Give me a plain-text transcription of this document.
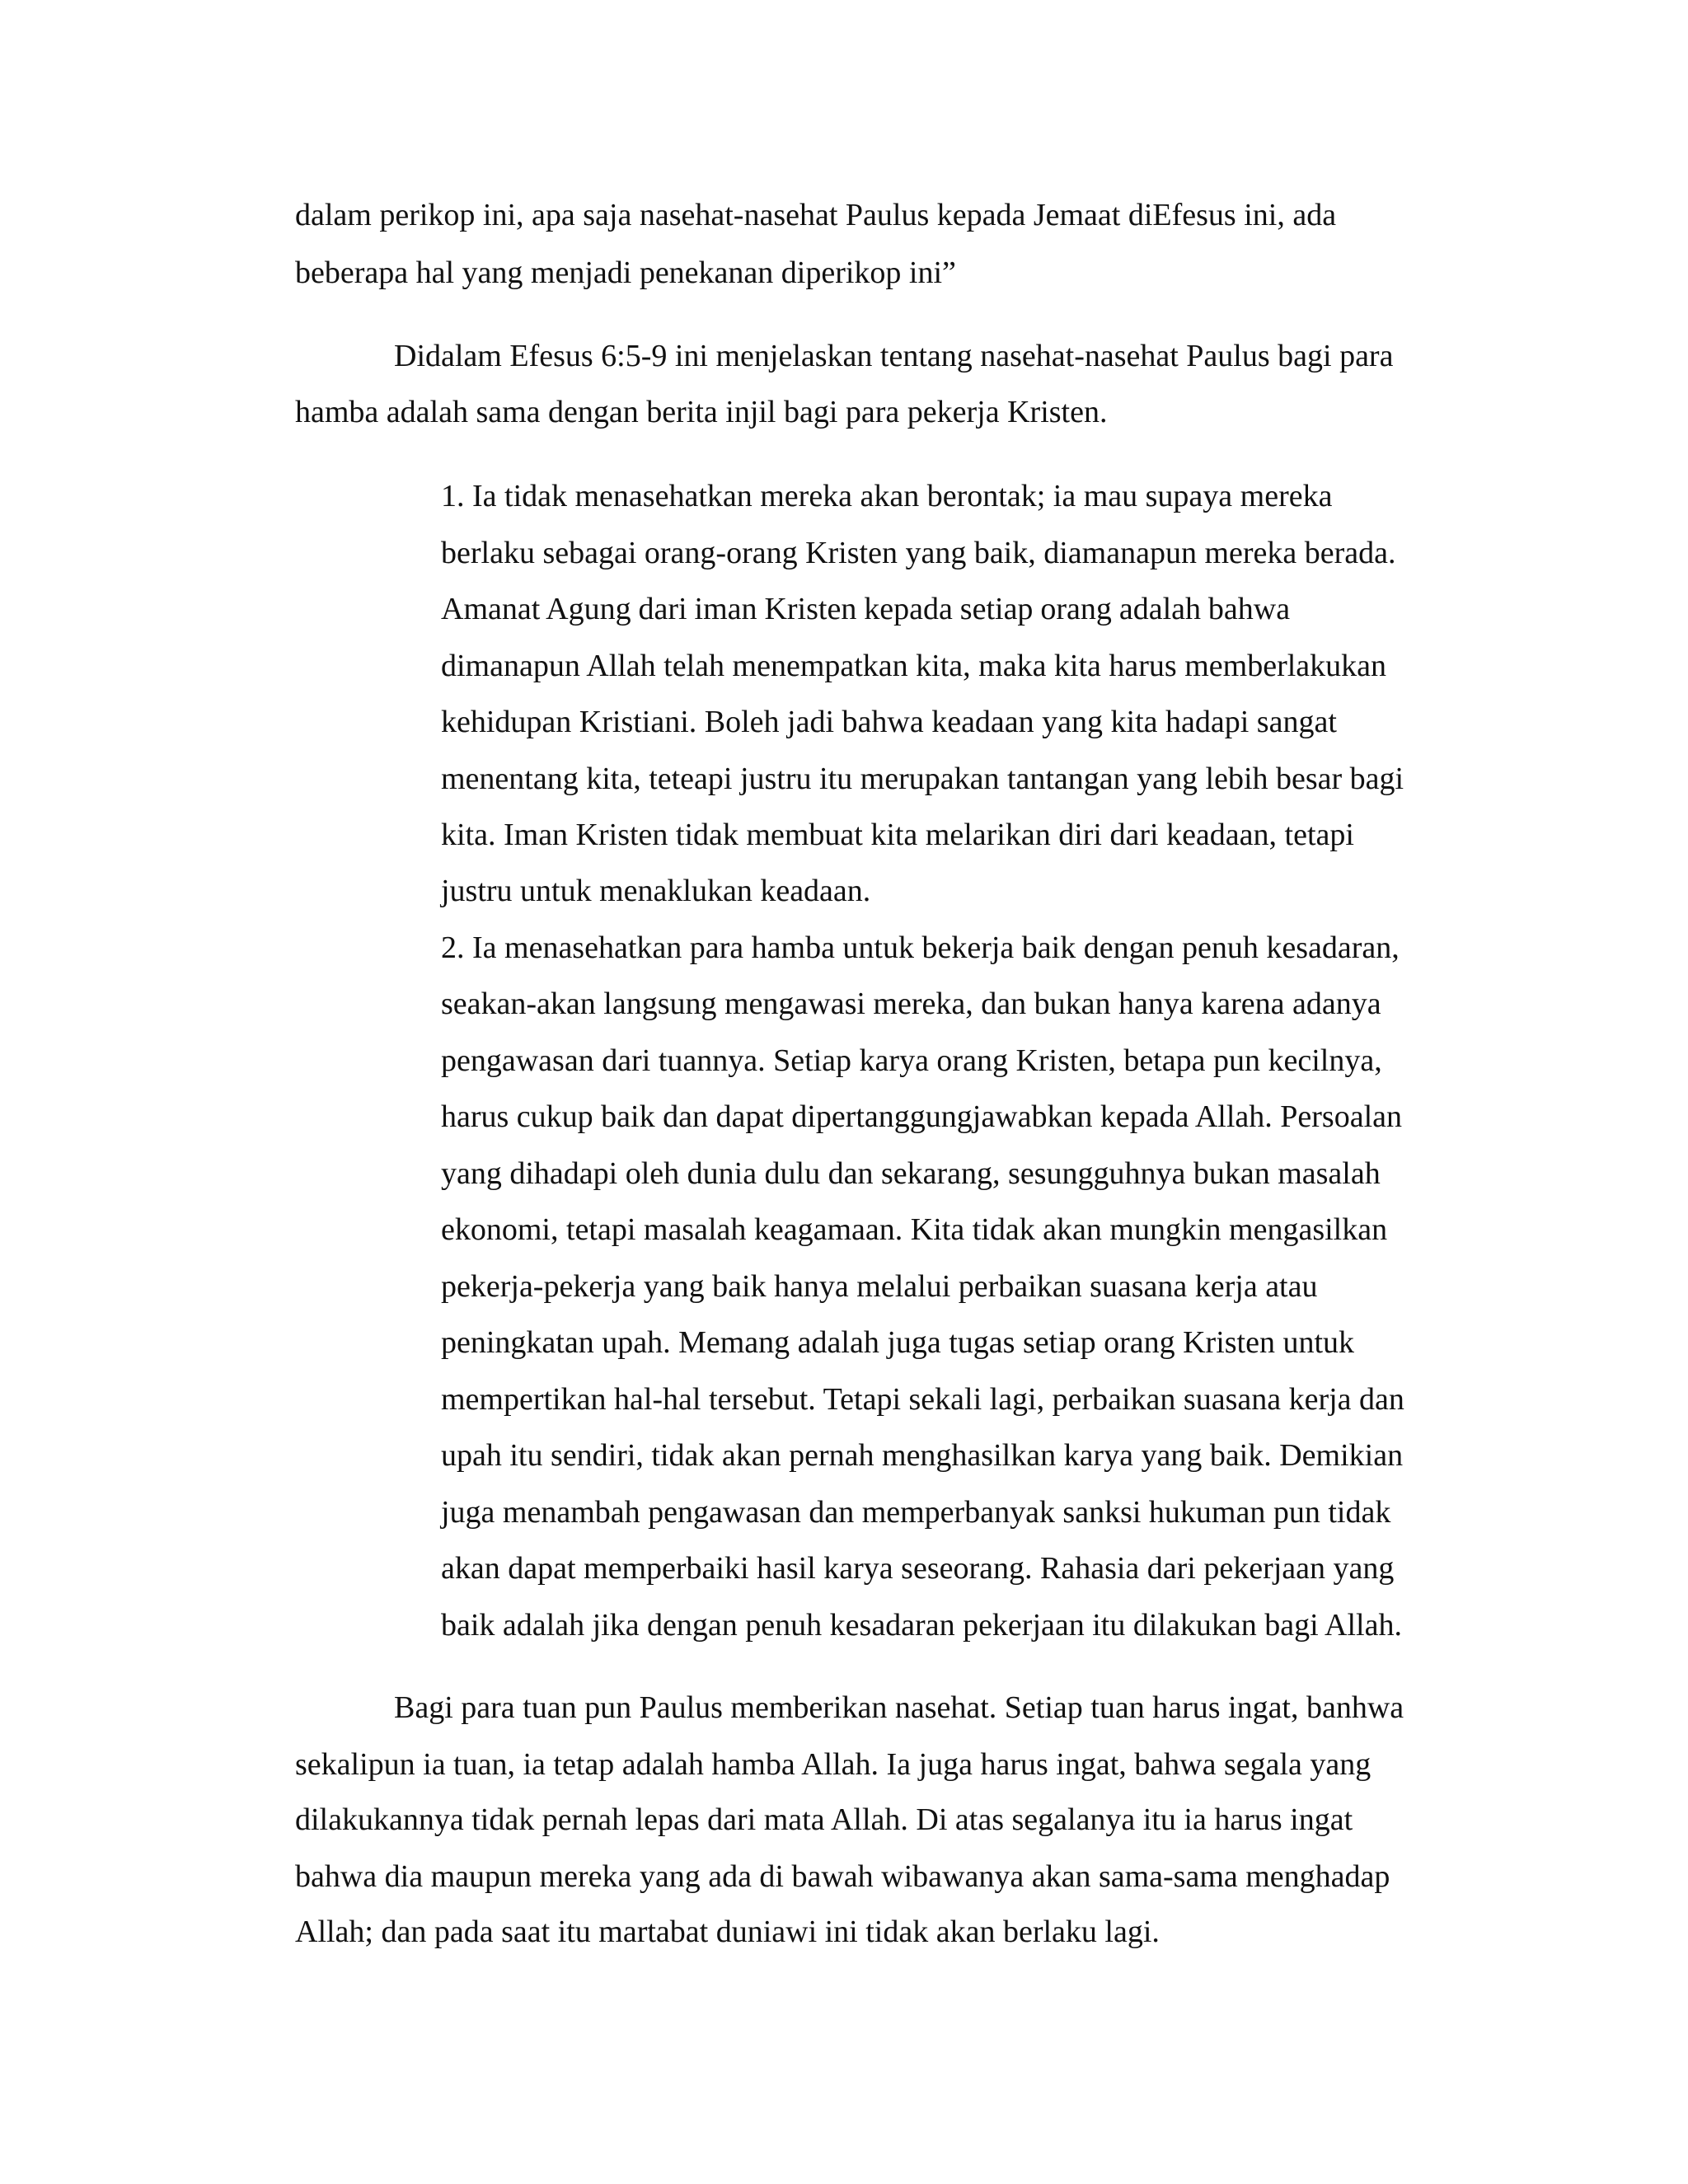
dalam perikop ini, apa saja nasehat-nasehat Paulus kepada Jemaat diEfesus ini, ada
beberapa hal yang menjadi penekanan diperikop ini”
Didalam Efesus 6:5-9 ini menjelaskan tentang nasehat-nasehat Paulus bagi para
hamba adalah sama dengan berita injil bagi para pekerja Kristen.
1. Ia tidak menasehatkan mereka akan berontak; ia mau supaya mereka
berlaku sebagai orang-orang Kristen yang baik, diamanapun mereka berada.
Amanat Agung dari iman Kristen kepada setiap orang adalah bahwa
dimanapun Allah telah menempatkan kita, maka kita harus memberlakukan
kehidupan Kristiani. Boleh jadi bahwa keadaan yang kita hadapi sangat
menentang kita, teteapi justru itu merupakan tantangan yang lebih besar bagi
kita. Iman Kristen tidak membuat kita melarikan diri dari keadaan, tetapi
justru untuk menaklukan keadaan.
2. Ia menasehatkan para hamba untuk bekerja baik dengan penuh kesadaran,
seakan-akan langsung mengawasi mereka, dan bukan hanya karena adanya
pengawasan dari tuannya. Setiap karya orang Kristen, betapa pun kecilnya,
harus cukup baik dan dapat dipertanggungjawabkan kepada Allah. Persoalan
yang dihadapi oleh dunia dulu dan sekarang, sesungguhnya bukan masalah
ekonomi, tetapi masalah keagamaan. Kita tidak akan mungkin mengasilkan
pekerja-pekerja yang baik hanya melalui perbaikan suasana kerja atau
peningkatan upah. Memang adalah juga tugas setiap orang Kristen untuk
mempertikan hal-hal tersebut. Tetapi sekali lagi, perbaikan suasana kerja dan
upah itu sendiri, tidak akan pernah menghasilkan karya yang baik. Demikian
juga menambah pengawasan dan memperbanyak sanksi hukuman pun tidak
akan dapat memperbaiki hasil karya seseorang. Rahasia dari pekerjaan yang
baik adalah jika dengan penuh kesadaran pekerjaan itu dilakukan bagi Allah.
Bagi para tuan pun Paulus memberikan nasehat. Setiap tuan harus ingat, banhwa
sekalipun ia tuan, ia tetap adalah hamba Allah. Ia juga harus ingat, bahwa segala yang
dilakukannya tidak pernah lepas dari mata Allah. Di atas segalanya itu ia harus ingat
bahwa dia maupun mereka yang ada di bawah wibawanya akan sama-sama menghadap
Allah; dan pada saat itu martabat duniawi ini tidak akan berlaku lagi.
